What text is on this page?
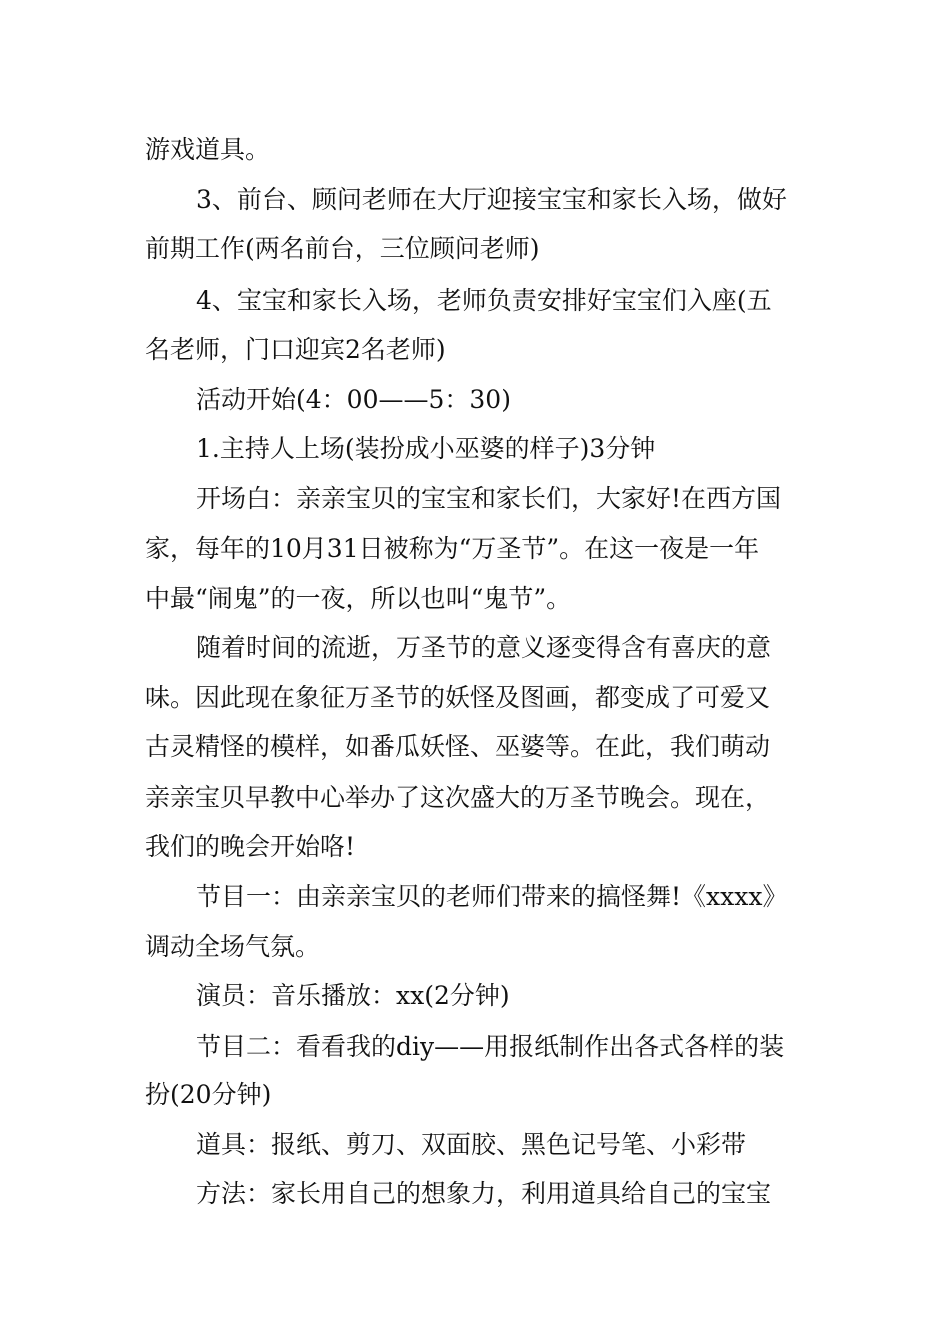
游戏道具。
3、前台、顾问老师在大厅迎接宝宝和家长入场，做好
前期工作(两名前台，三位顾问老师)
4、宝宝和家长入场，老师负责安排好宝宝们入座(五
名老师，门口迎宾2名老师)
活动开始(4：00——5：30)
1.主持人上场(装扮成小巫婆的样子)3分钟
开场白：亲亲宝贝的宝宝和家长们，大家好!在西方国
家，每年的10月31日被称为“万圣节”。在这一夜是一年
中最“闹鬼”的一夜，所以也叫“鬼节”。
随着时间的流逝，万圣节的意义逐变得含有喜庆的意
味。因此现在象征万圣节的妖怪及图画，都变成了可爱又
古灵精怪的模样，如番瓜妖怪、巫婆等。在此，我们萌动
亲亲宝贝早教中心举办了这次盛大的万圣节晚会。现在，
我们的晚会开始咯!
节目一：由亲亲宝贝的老师们带来的搞怪舞!《xxxx》
调动全场气氛。
演员：音乐播放：xx(2分钟)
节目二：看看我的diy——用报纸制作出各式各样的装
扮(20分钟)
道具：报纸、剪刀、双面胶、黑色记号笔、小彩带
方法：家长用自己的想象力，利用道具给自己的宝宝
